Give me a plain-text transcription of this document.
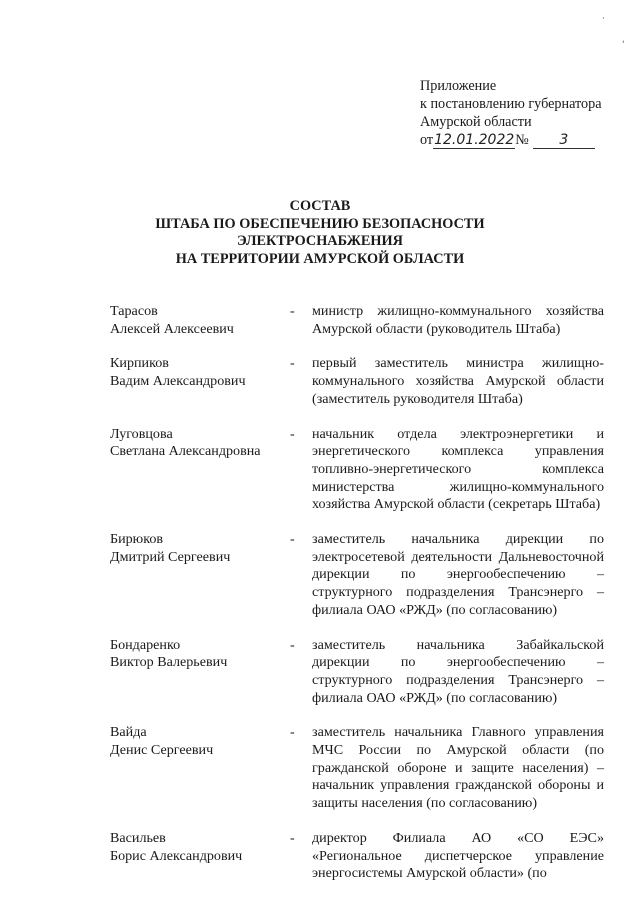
·
'
Приложение
к постановлению губернатора
Амурской области
от12.01.2022№ 3
СОСТАВ
ШТАБА ПО ОБЕСПЕЧЕНИЮ БЕЗОПАСНОСТИ
ЭЛЕКТРОСНАБЖЕНИЯ
НА ТЕРРИТОРИИ АМУРСКОЙ ОБЛАСТИ
Тарасов
Алексей Алексеевич
-	министр жилищно-коммунального хозяйства Амурской области (руководитель Штаба)
Кирпиков
Вадим Александрович
-	первый заместитель министра жилищно-коммунального хозяйства Амурской области (заместитель руководителя Штаба)
Луговцова
Светлана Александровна
-	начальник отдела электроэнергетики и энергетического комплекса управления топливно-энергетического комплекса министерства жилищно-коммунального хозяйства Амурской области (секретарь Штаба)
Бирюков
Дмитрий Сергеевич
-	заместитель начальника дирекции по электросетевой деятельности Дальневосточной дирекции по энергообеспечению – структурного подразделения Трансэнерго – филиала ОАО «РЖД» (по согласованию)
Бондаренко
Виктор Валерьевич
-	заместитель начальника Забайкальской дирекции по энергообеспечению – структурного подразделения Трансэнерго – филиала ОАО «РЖД» (по согласованию)
Вайда
Денис Сергеевич
-	заместитель начальника Главного управления МЧС России по Амурской области (по гражданской обороне и защите населения) – начальник управления гражданской обороны и защиты населения (по согласованию)
Васильев
Борис Александрович
-	директор Филиала АО «СО ЕЭС» «Региональное диспетчерское управление энергосистемы Амурской области» (по
